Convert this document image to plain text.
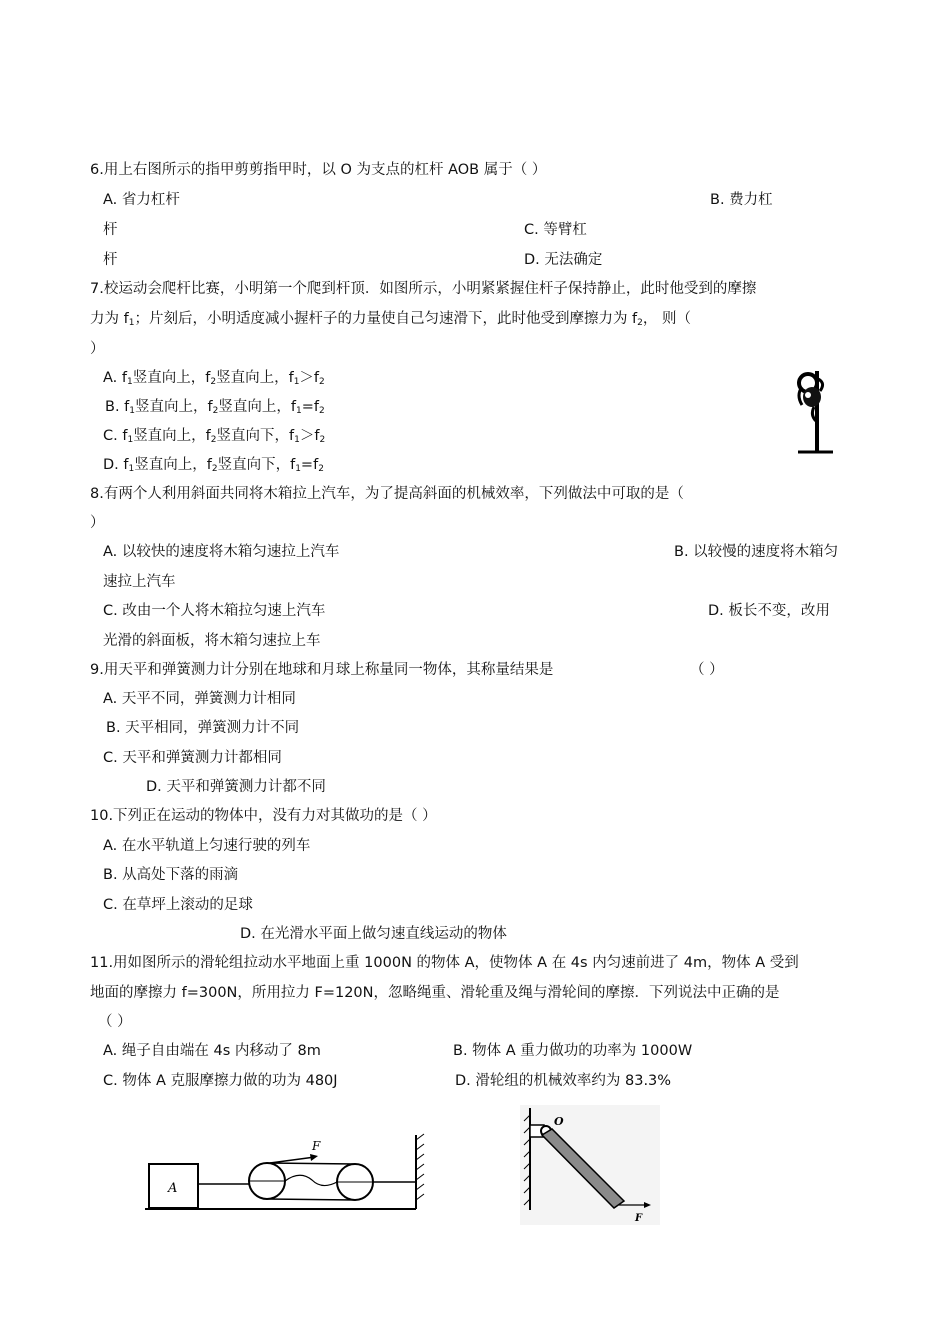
6.用上右图所示的指甲剪剪指甲时，以 O 为支点的杠杆 AOB 属于（ ）
A. 省力杠杆	B. 费力杠
杆	C. 等臂杠
杆	D. 无法确定
7.校运动会爬杆比赛，小明第一个爬到杆顶．如图所示，小明紧紧握住杆子保持静止，此时他受到的摩擦
力为 $f_1$；片刻后，小明适度减小握杆子的力量使自己匀速滑下，此时他受到摩擦力为 $f_2$， 则（
）
A. $f_1$竖直向上，$f_2$竖直向上，$f_1>f_2$
B. $f_1$竖直向上，$f_2$竖直向上，$f_1=f_2$
C. $f_1$竖直向上，$f_2$竖直向下，$f_1>f_2$
D. $f_1$竖直向上，$f_2$竖直向下，$f_1=f_2$
8.有两个人利用斜面共同将木箱拉上汽车，为了提高斜面的机械效率，下列做法中可取的是（
）
A. 以较快的速度将木箱匀速拉上汽车	B. 以较慢的速度将木箱匀
速拉上汽车
C. 改由一个人将木箱拉匀速上汽车	D. 板长不变，改用
光滑的斜面板，将木箱匀速拉上车
9.用天平和弹簧测力计分别在地球和月球上称量同一物体，其称量结果是	（ ）
A. 天平不同，弹簧测力计相同
B. 天平相同，弹簧测力计不同
C. 天平和弹簧测力计都相同
D. 天平和弹簧测力计都不同
10.下列正在运动的物体中，没有力对其做功的是（ ）
A. 在水平轨道上匀速行驶的列车
B. 从高处下落的雨滴
C. 在草坪上滚动的足球
D. 在光滑水平面上做匀速直线运动的物体
11.用如图所示的滑轮组拉动水平地面上重 1000N 的物体 A，使物体 A 在 4s 内匀速前进了 4m，物体 A 受到
地面的摩擦力 f=300N，所用拉力 F=120N，忽略绳重、滑轮重及绳与滑轮间的摩擦．下列说法中正确的是
（ ）
A. 绳子自由端在 4s 内移动了 8m	B. 物体 A 重力做功的功率为 1000W
C. 物体 A 克服摩擦力做的功为 480J	D. 滑轮组的机械效率约为 83.3%
A
F
O
F
